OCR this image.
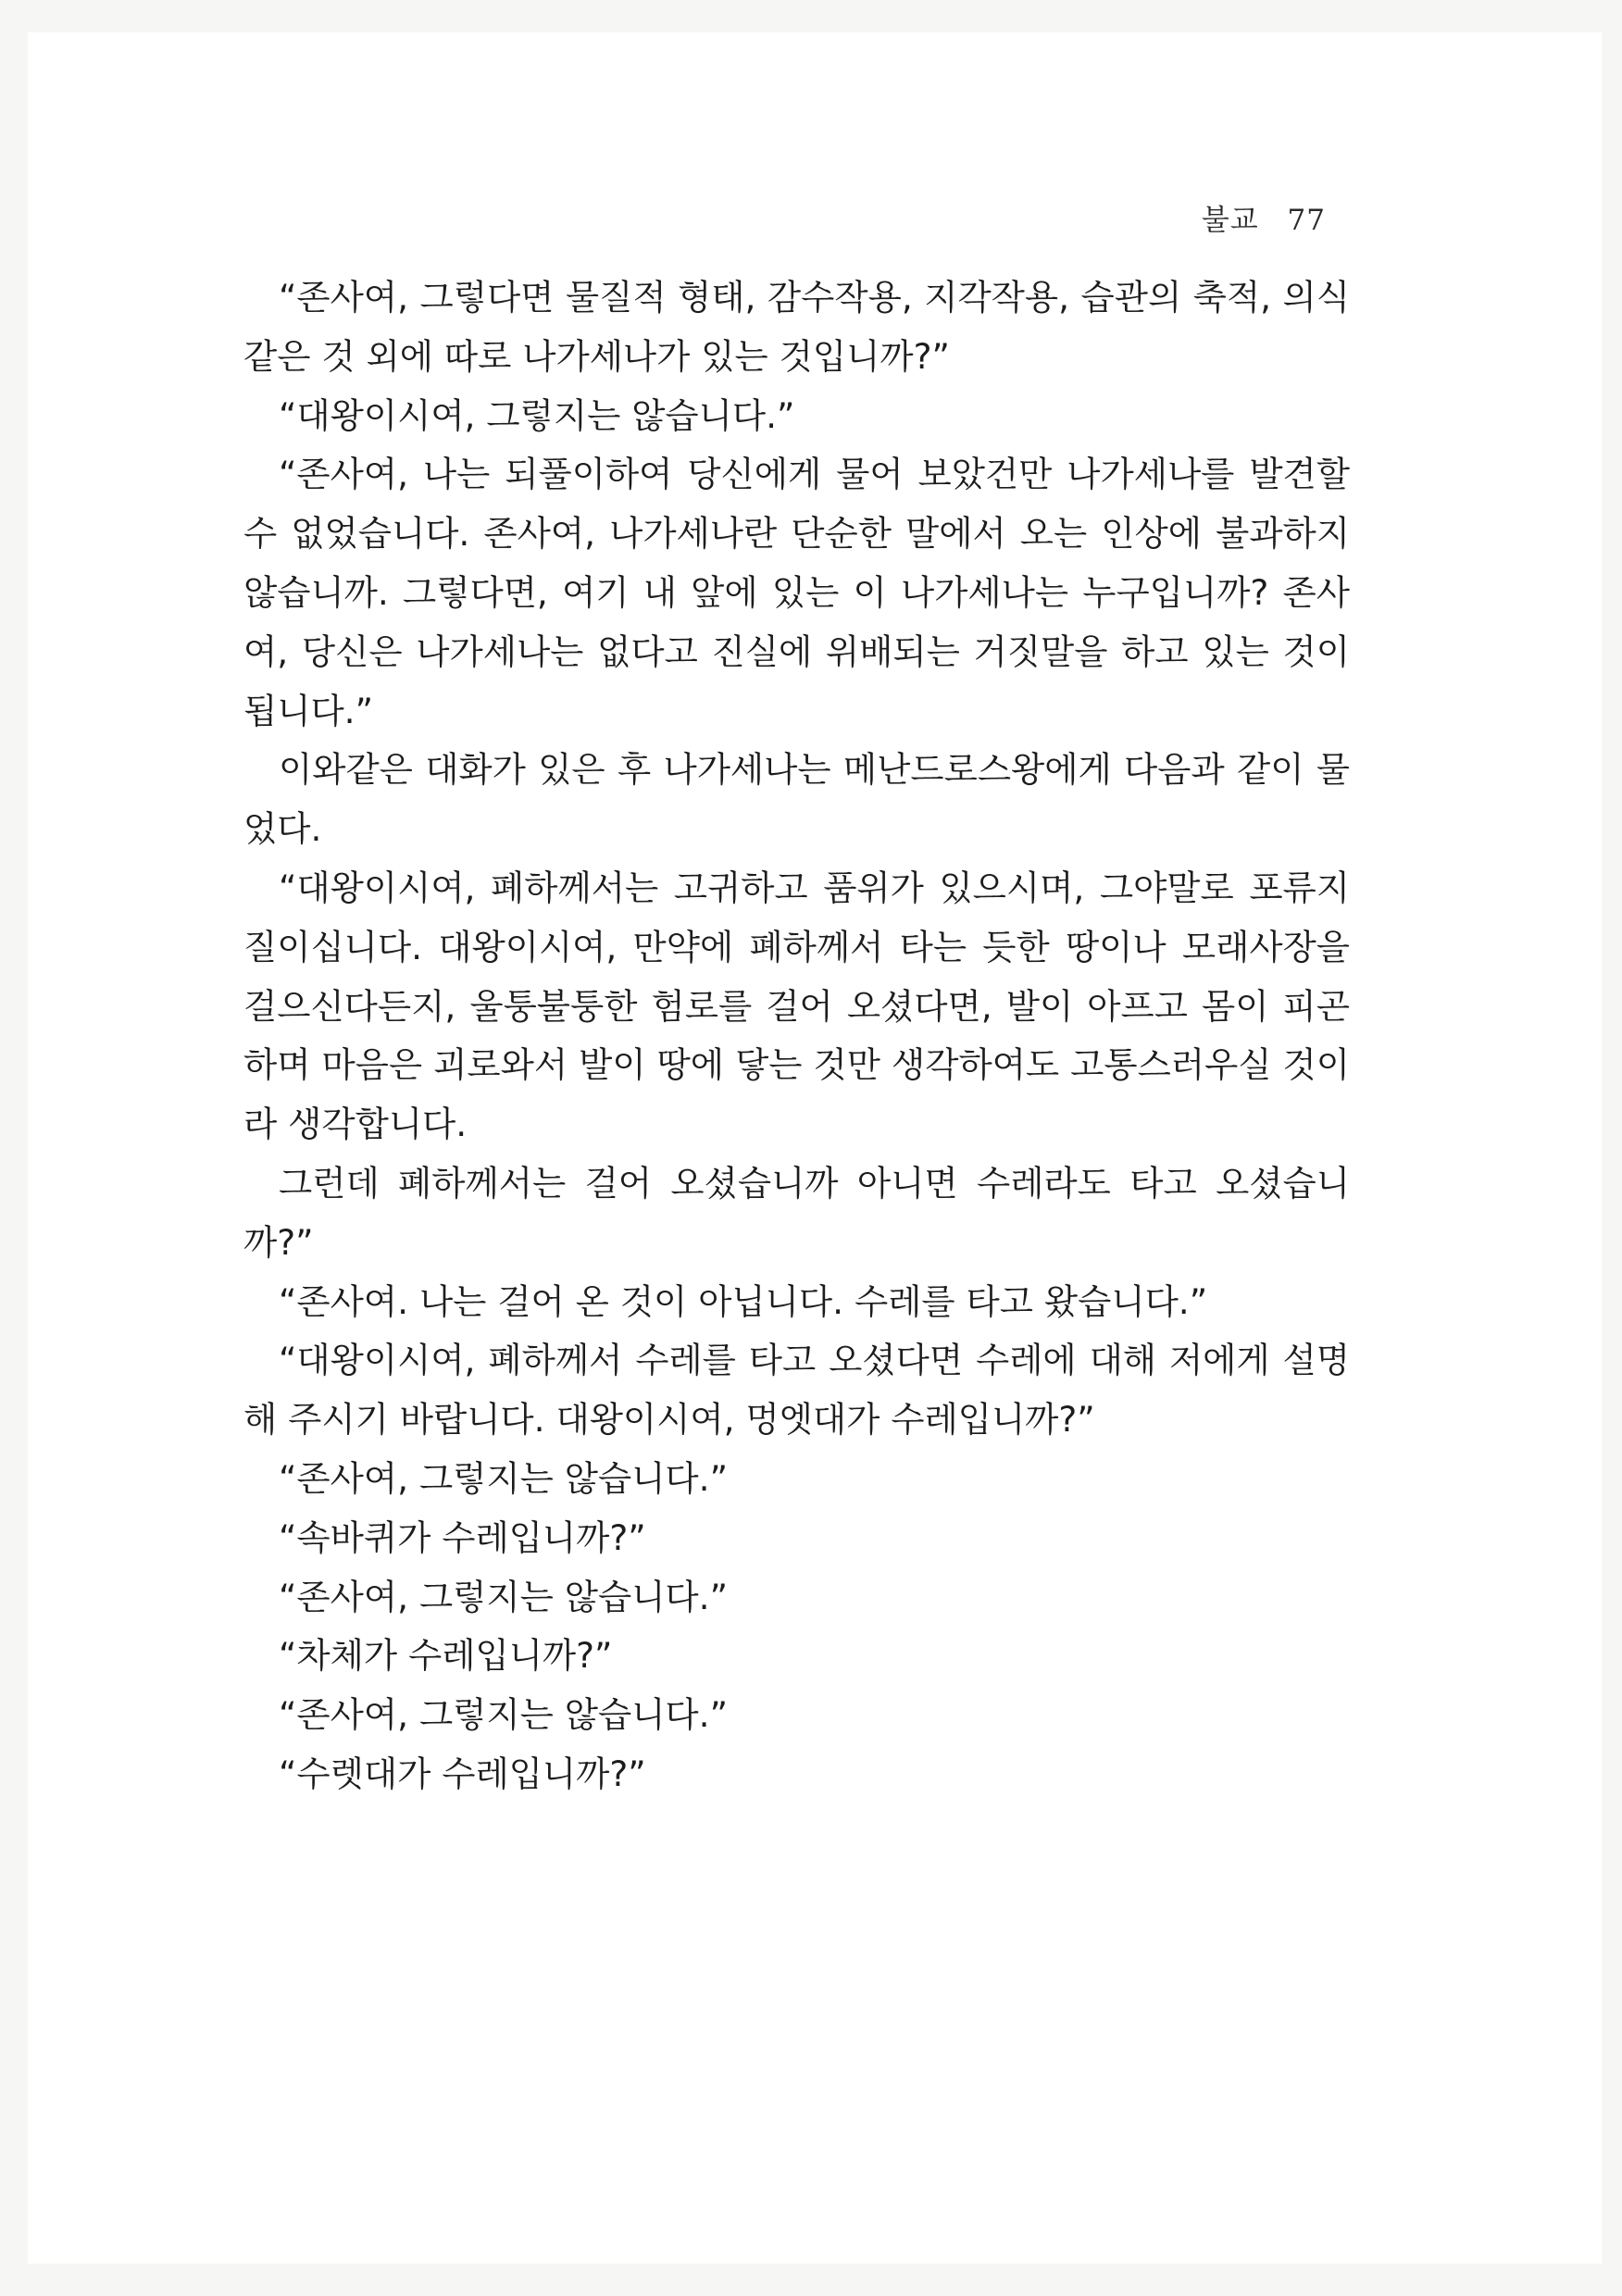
불교 77

“존사여, 그렇다면 물질적 형태, 감수작용, 지각작용, 습관의 축적, 의식 같은 것 외에 따로 나가세나가 있는 것입니까?”

“대왕이시여, 그렇지는 않습니다.”

“존사여, 나는 되풀이하여 당신에게 물어 보았건만 나가세나를 발견할 수 없었습니다. 존사여, 나가세나란 단순한 말에서 오는 인상에 불과하지 않습니까. 그렇다면, 여기 내 앞에 있는 이 나가세나는 누구입니까? 존사여, 당신은 나가세나는 없다고 진실에 위배되는 거짓말을 하고 있는 것이 됩니다.”

이와같은 대화가 있은 후 나가세나는 메난드로스왕에게 다음과 같이 물었다.

“대왕이시여, 폐하께서는 고귀하고 품위가 있으시며, 그야말로 포류지질이십니다. 대왕이시여, 만약에 폐하께서 타는 듯한 땅이나 모래사장을 걸으신다든지, 울퉁불퉁한 험로를 걸어 오셨다면, 발이 아프고 몸이 피곤하며 마음은 괴로와서 발이 땅에 닿는 것만 생각하여도 고통스러우실 것이라 생각합니다.

그런데 폐하께서는 걸어 오셨습니까 아니면 수레라도 타고 오셨습니까?”

“존사여. 나는 걸어 온 것이 아닙니다. 수레를 타고 왔습니다.”

“대왕이시여, 폐하께서 수레를 타고 오셨다면 수레에 대해 저에게 설명해 주시기 바랍니다. 대왕이시여, 멍엣대가 수레입니까?”

“존사여, 그렇지는 않습니다.”

“속바퀴가 수레입니까?”

“존사여, 그렇지는 않습니다.”

“차체가 수레입니까?”

“존사여, 그렇지는 않습니다.”

“수렛대가 수레입니까?”
